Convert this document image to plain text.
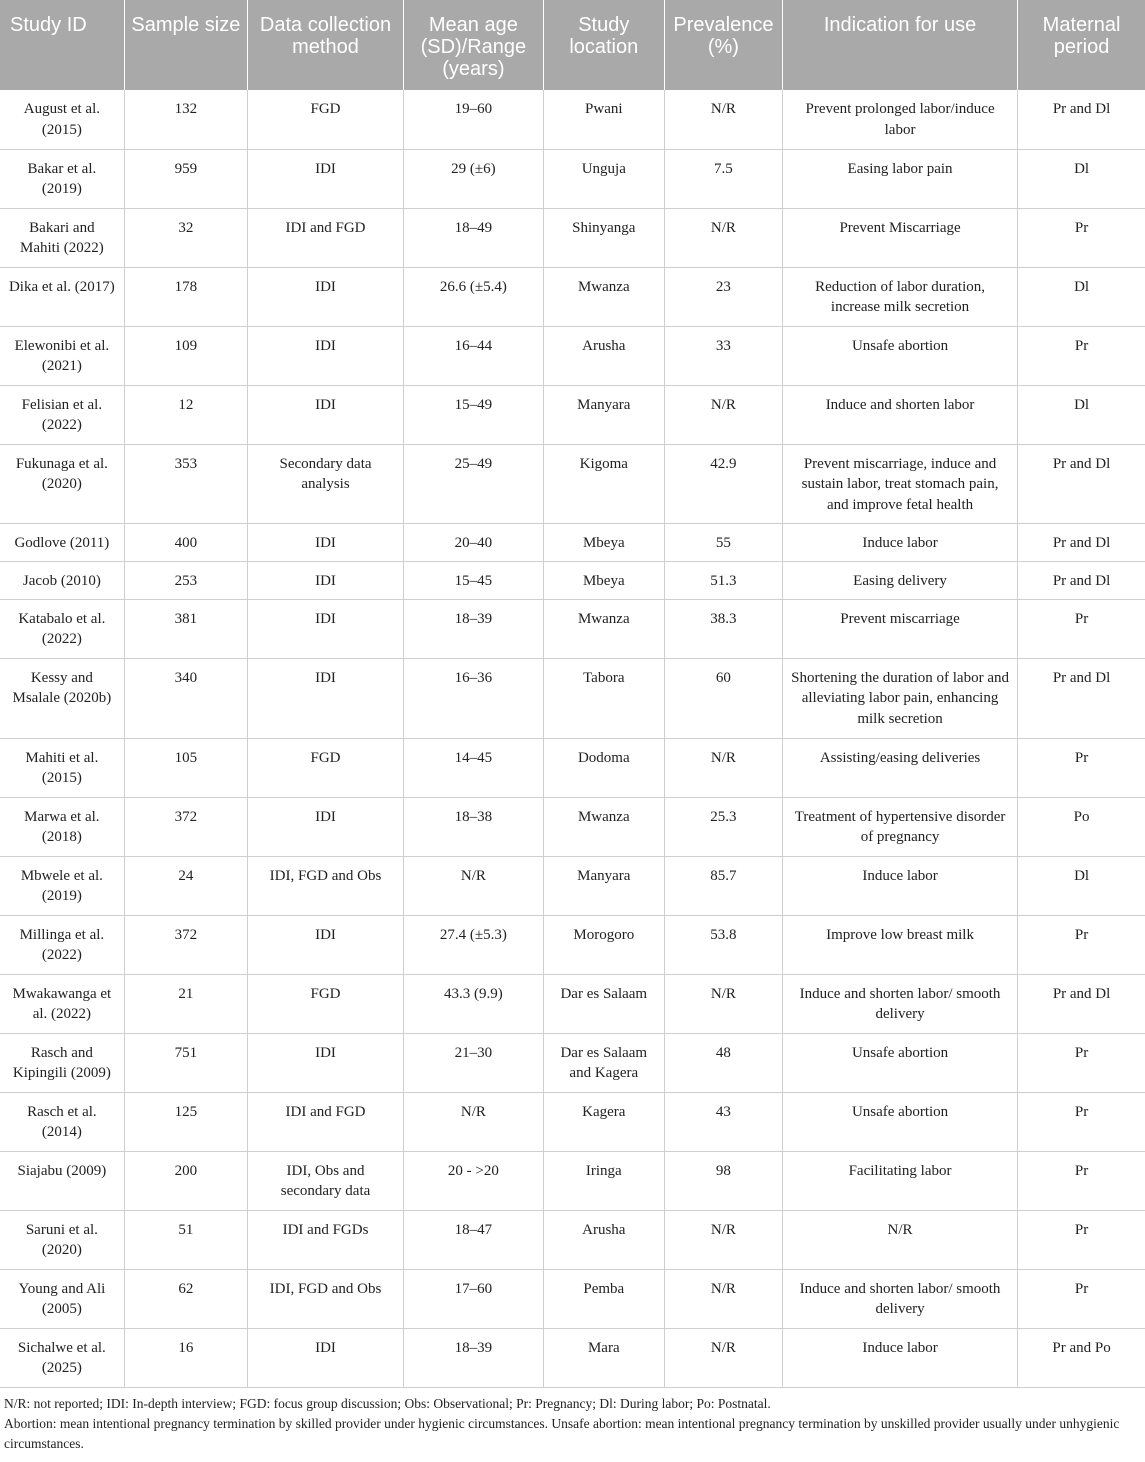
Study ID	Sample size	Data collection method	Mean age (SD)/Range (years)	Study location	Prevalence (%)	Indication for use	Maternal period
August et al. (2015)	132	FGD	19–60	Pwani	N/R	Prevent prolonged labor/induce labor	Pr and Dl
Bakar et al. (2019)	959	IDI	29 (±6)	Unguja	7.5	Easing labor pain	Dl
Bakari and Mahiti (2022)	32	IDI and FGD	18–49	Shinyanga	N/R	Prevent Miscarriage	Pr
Dika et al. (2017)	178	IDI	26.6 (±5.4)	Mwanza	23	Reduction of labor duration, increase milk secretion	Dl
Elewonibi et al. (2021)	109	IDI	16–44	Arusha	33	Unsafe abortion	Pr
Felisian et al. (2022)	12	IDI	15–49	Manyara	N/R	Induce and shorten labor	Dl
Fukunaga et al. (2020)	353	Secondary data analysis	25–49	Kigoma	42.9	Prevent miscarriage, induce and sustain labor, treat stomach pain, and improve fetal health	Pr and Dl
Godlove (2011)	400	IDI	20–40	Mbeya	55	Induce labor	Pr and Dl
Jacob (2010)	253	IDI	15–45	Mbeya	51.3	Easing delivery	Pr and Dl
Katabalo et al. (2022)	381	IDI	18–39	Mwanza	38.3	Prevent miscarriage	Pr
Kessy and Msalale (2020b)	340	IDI	16–36	Tabora	60	Shortening the duration of labor and alleviating labor pain, enhancing milk secretion	Pr and Dl
Mahiti et al. (2015)	105	FGD	14–45	Dodoma	N/R	Assisting/easing deliveries	Pr
Marwa et al. (2018)	372	IDI	18–38	Mwanza	25.3	Treatment of hypertensive disorder of pregnancy	Po
Mbwele et al. (2019)	24	IDI, FGD and Obs	N/R	Manyara	85.7	Induce labor	Dl
Millinga et al. (2022)	372	IDI	27.4 (±5.3)	Morogoro	53.8	Improve low breast milk	Pr
Mwakawanga et al. (2022)	21	FGD	43.3 (9.9)	Dar es Salaam	N/R	Induce and shorten labor/ smooth delivery	Pr and Dl
Rasch and Kipingili (2009)	751	IDI	21–30	Dar es Salaam and Kagera	48	Unsafe abortion	Pr
Rasch et al. (2014)	125	IDI and FGD	N/R	Kagera	43	Unsafe abortion	Pr
Siajabu (2009)	200	IDI, Obs and secondary data	20 - >20	Iringa	98	Facilitating labor	Pr
Saruni et al. (2020)	51	IDI and FGDs	18–47	Arusha	N/R	N/R	Pr
Young and Ali (2005)	62	IDI, FGD and Obs	17–60	Pemba	N/R	Induce and shorten labor/ smooth delivery	Pr
Sichalwe et al. (2025)	16	IDI	18–39	Mara	N/R	Induce labor	Pr and Po
N/R: not reported; IDI: In-depth interview; FGD: focus group discussion; Obs: Observational; Pr: Pregnancy; Dl: During labor; Po: Postnatal.
Abortion: mean intentional pregnancy termination by skilled provider under hygienic circumstances. Unsafe abortion: mean intentional pregnancy termination by unskilled provider usually under unhygienic circumstances.
